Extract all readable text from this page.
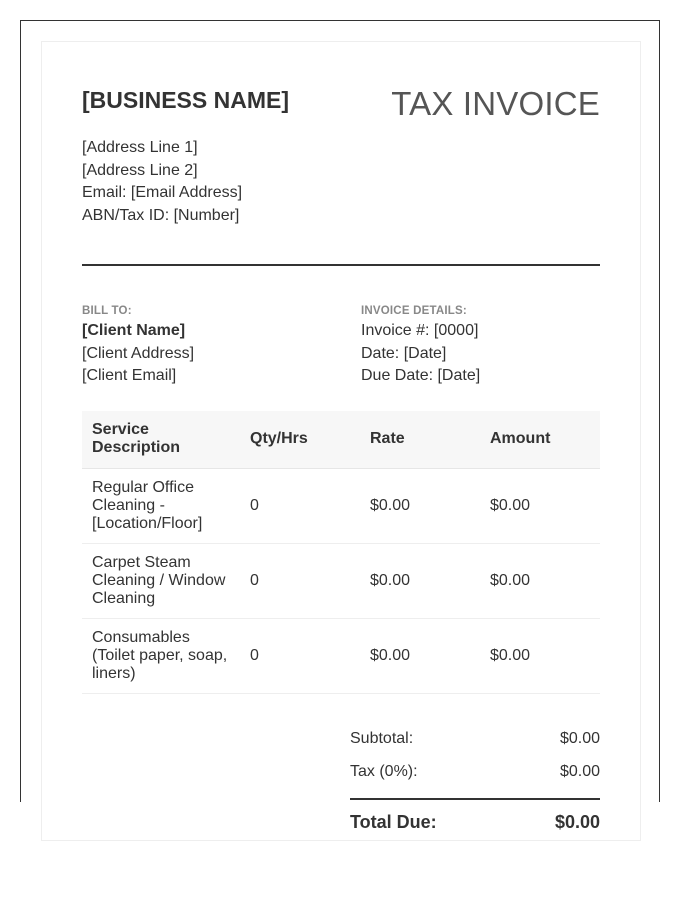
[BUSINESS NAME]
[Address Line 1]
[Address Line 2]
Email: [Email Address]
ABN/Tax ID: [Number]
TAX INVOICE
BILL TO:
[Client Name]
[Client Address]
[Client Email]
INVOICE DETAILS:
Invoice #: [0000]
Date: [Date]
Due Date: [Date]
Service Description	Qty/Hrs	Rate	Amount
Regular Office Cleaning - [Location/Floor]	0	$0.00	$0.00
Carpet Steam Cleaning / Window Cleaning	0	$0.00	$0.00
Consumables (Toilet paper, soap, liners)	0	$0.00	$0.00
Subtotal:	$0.00
Tax (0%):	$0.00
Total Due:	$0.00
